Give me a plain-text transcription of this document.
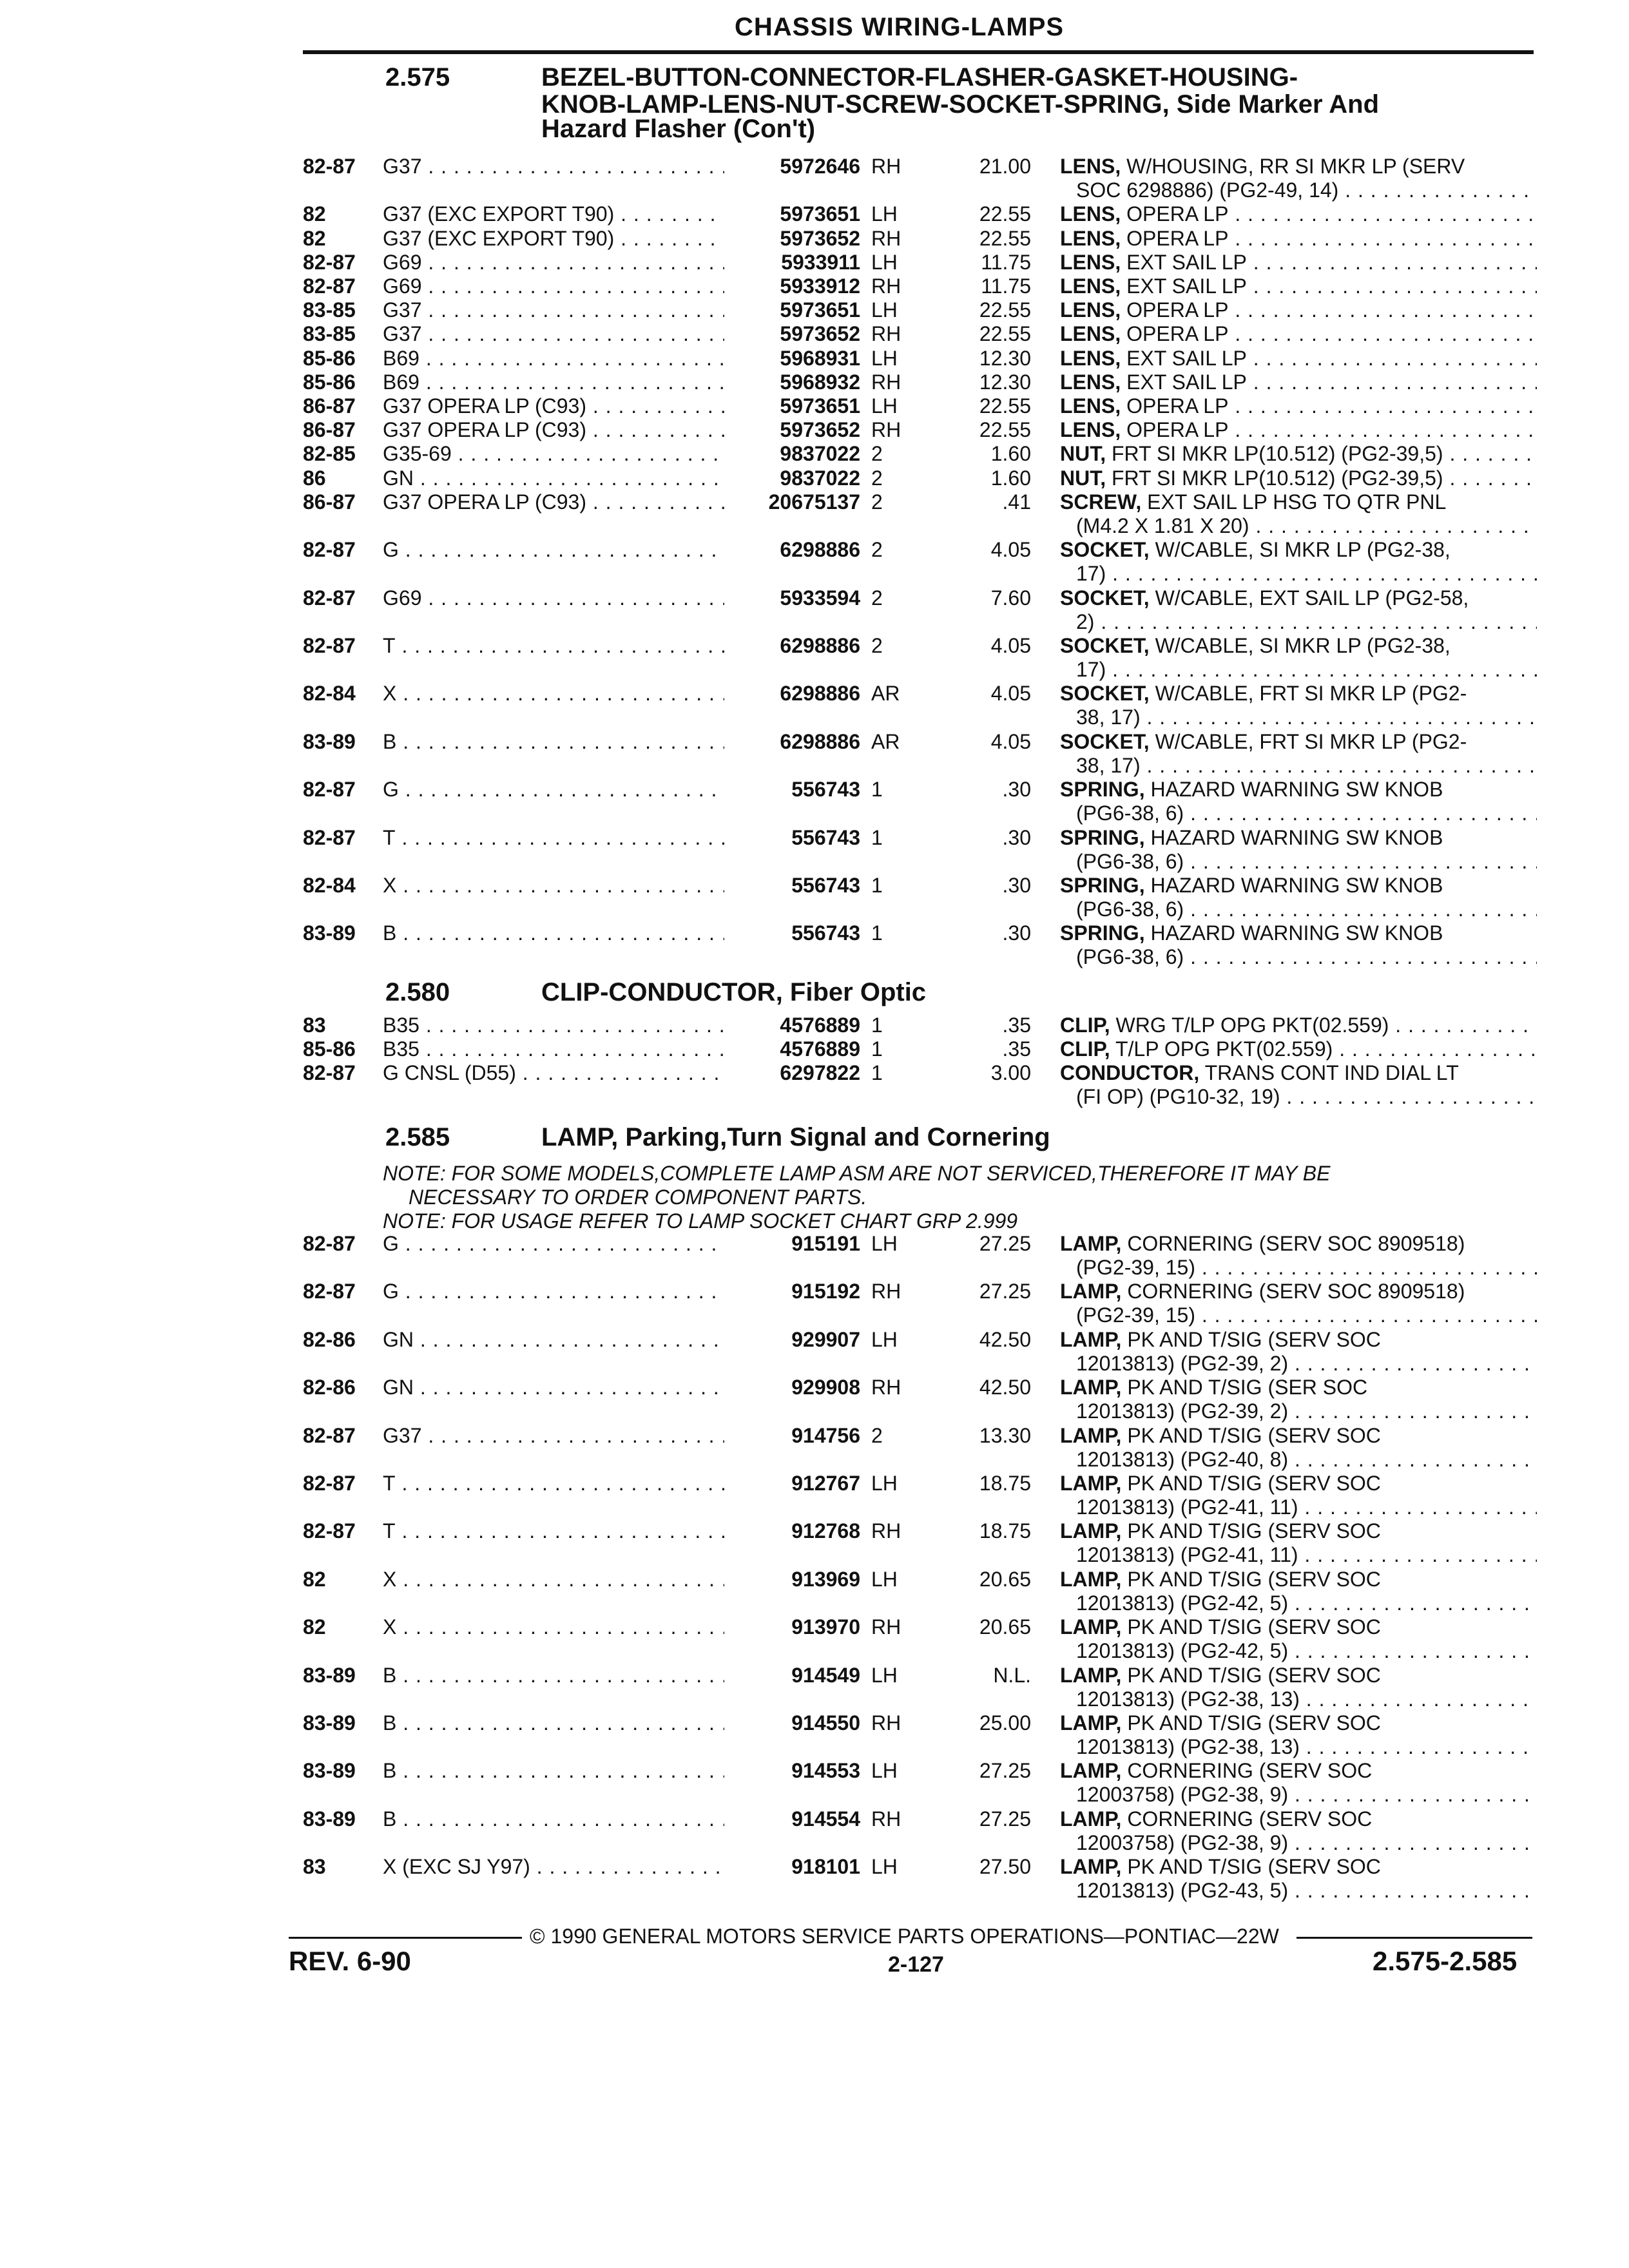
CHASSIS WIRING-LAMPS
2.575	BEZEL-BUTTON-CONNECTOR-FLASHER-GASKET-HOUSING-
KNOB-LAMP-LENS-NUT-SCREW-SOCKET-SPRING, Side Marker And
Hazard Flasher (Con't)
82-87 G37 . . .	5972646 RH	21.00 LENS, W/HOUSING, RR SI MKR LP (SERV
SOC 6298886) (PG2-49, 14) . . .
82	G37 (EXC EXPORT T90) . . .	5973651 LH	22.55 LENS, OPERA LP . . .
82	G37 (EXC EXPORT T90) . . .	5973652 RH	22.55 LENS, OPERA LP . . .
82-87 G69 . . .	5933911 LH	11.75 LENS, EXT SAIL LP . . .
82-87 G69 . . .	5933912 RH	11.75 LENS, EXT SAIL LP . . .
83-85 G37 . . .	5973651 LH	22.55 LENS, OPERA LP . . .
83-85 G37 . . .	5973652 RH	22.55 LENS, OPERA LP . . .
85-86 B69 . . .	5968931 LH	12.30 LENS, EXT SAIL LP . . .
85-86 B69 . . .	5968932 RH	12.30 LENS, EXT SAIL LP . . .
86-87 G37 OPERA LP (C93) . . .	5973651 LH	22.55 LENS, OPERA LP . . .
86-87 G37 OPERA LP (C93) . . .	5973652 RH	22.55 LENS, OPERA LP . . .
82-85 G35-69 . . .	9837022 2	1.60 NUT, FRT SI MKR LP(10.512) (PG2-39,5) . . .
86	GN . . .	9837022 2	1.60 NUT, FRT SI MKR LP(10.512) (PG2-39,5) . . .
86-87 G37 OPERA LP (C93) . . .	20675137 2	.41 SCREW, EXT SAIL LP HSG TO QTR PNL
(M4.2 X 1.81 X 20) . . .
82-87 G . . .	6298886 2	4.05 SOCKET, W/CABLE, SI MKR LP (PG2-38,
17) . . .
82-87 G69 . . .	5933594 2	7.60 SOCKET, W/CABLE, EXT SAIL LP (PG2-58,
2) . . .
82-87 T . . .	6298886 2	4.05 SOCKET, W/CABLE, SI MKR LP (PG2-38,
17) . . .
82-84 X . . .	6298886 AR	4.05 SOCKET, W/CABLE, FRT SI MKR LP (PG2-
38, 17) . . .
83-89 B . . .	6298886 AR	4.05 SOCKET, W/CABLE, FRT SI MKR LP (PG2-
38, 17) . . .
82-87 G . . .	556743 1	.30 SPRING, HAZARD WARNING SW KNOB
(PG6-38, 6) . . .
82-87 T . . .	556743 1	.30 SPRING, HAZARD WARNING SW KNOB
(PG6-38, 6) . . .
82-84 X . . .	556743 1	.30 SPRING, HAZARD WARNING SW KNOB
(PG6-38, 6) . . .
83-89 B . . .	556743 1	.30 SPRING, HAZARD WARNING SW KNOB
(PG6-38, 6) . . .
2.580	CLIP-CONDUCTOR, Fiber Optic
83	B35 . . .	4576889 1	.35 CLIP, WRG T/LP OPG PKT(02.559) . . .
85-86 B35 . . .	4576889 1	.35 CLIP, T/LP OPG PKT(02.559) . . .
82-87 G CNSL (D55) . . .	6297822 1	3.00 CONDUCTOR, TRANS CONT IND DIAL LT
(FI OP) (PG10-32, 19) . . .
2.585	LAMP, Parking,Turn Signal and Cornering
NOTE: FOR SOME MODELS,COMPLETE LAMP ASM ARE NOT SERVICED,THEREFORE IT MAY BE
NECESSARY TO ORDER COMPONENT PARTS.
NOTE: FOR USAGE REFER TO LAMP SOCKET CHART GRP 2.999
82-87 G . . .	915191 LH	27.25 LAMP, CORNERING (SERV SOC 8909518)
(PG2-39, 15) . . .
82-87 G . . .	915192 RH	27.25 LAMP, CORNERING (SERV SOC 8909518)
(PG2-39, 15) . . .
82-86 GN . . .	929907 LH	42.50 LAMP, PK AND T/SIG (SERV SOC
12013813) (PG2-39, 2) . . .
82-86 GN . . .	929908 RH	42.50 LAMP, PK AND T/SIG (SER SOC
12013813) (PG2-39, 2) . . .
82-87 G37 . . .	914756 2	13.30 LAMP, PK AND T/SIG (SERV SOC
12013813) (PG2-40, 8) . . .
82-87 T . . .	912767 LH	18.75 LAMP, PK AND T/SIG (SERV SOC
12013813) (PG2-41, 11) . . .
82-87 T . . .	912768 RH	18.75 LAMP, PK AND T/SIG (SERV SOC
12013813) (PG2-41, 11) . . .
82	X . . .	913969 LH	20.65 LAMP, PK AND T/SIG (SERV SOC
12013813) (PG2-42, 5) . . .
82	X . . .	913970 RH	20.65 LAMP, PK AND T/SIG (SERV SOC
12013813) (PG2-42, 5) . . .
83-89 B . . .	914549 LH	N.L. LAMP, PK AND T/SIG (SERV SOC
12013813) (PG2-38, 13) . . .
83-89 B . . .	914550 RH	25.00 LAMP, PK AND T/SIG (SERV SOC
12013813) (PG2-38, 13) . . .
83-89 B . . .	914553 LH	27.25 LAMP, CORNERING (SERV SOC
12003758) (PG2-38, 9) . . .
83-89 B . . .	914554 RH	27.25 LAMP, CORNERING (SERV SOC
12003758) (PG2-38, 9) . . .
83	X (EXC SJ Y97) . . .	918101 LH	27.50 LAMP, PK AND T/SIG (SERV SOC
12013813) (PG2-43, 5) . . .
© 1990 GENERAL MOTORS SERVICE PARTS OPERATIONS—PONTIAC—22W
REV. 6-90	2-127	2.575-2.585
